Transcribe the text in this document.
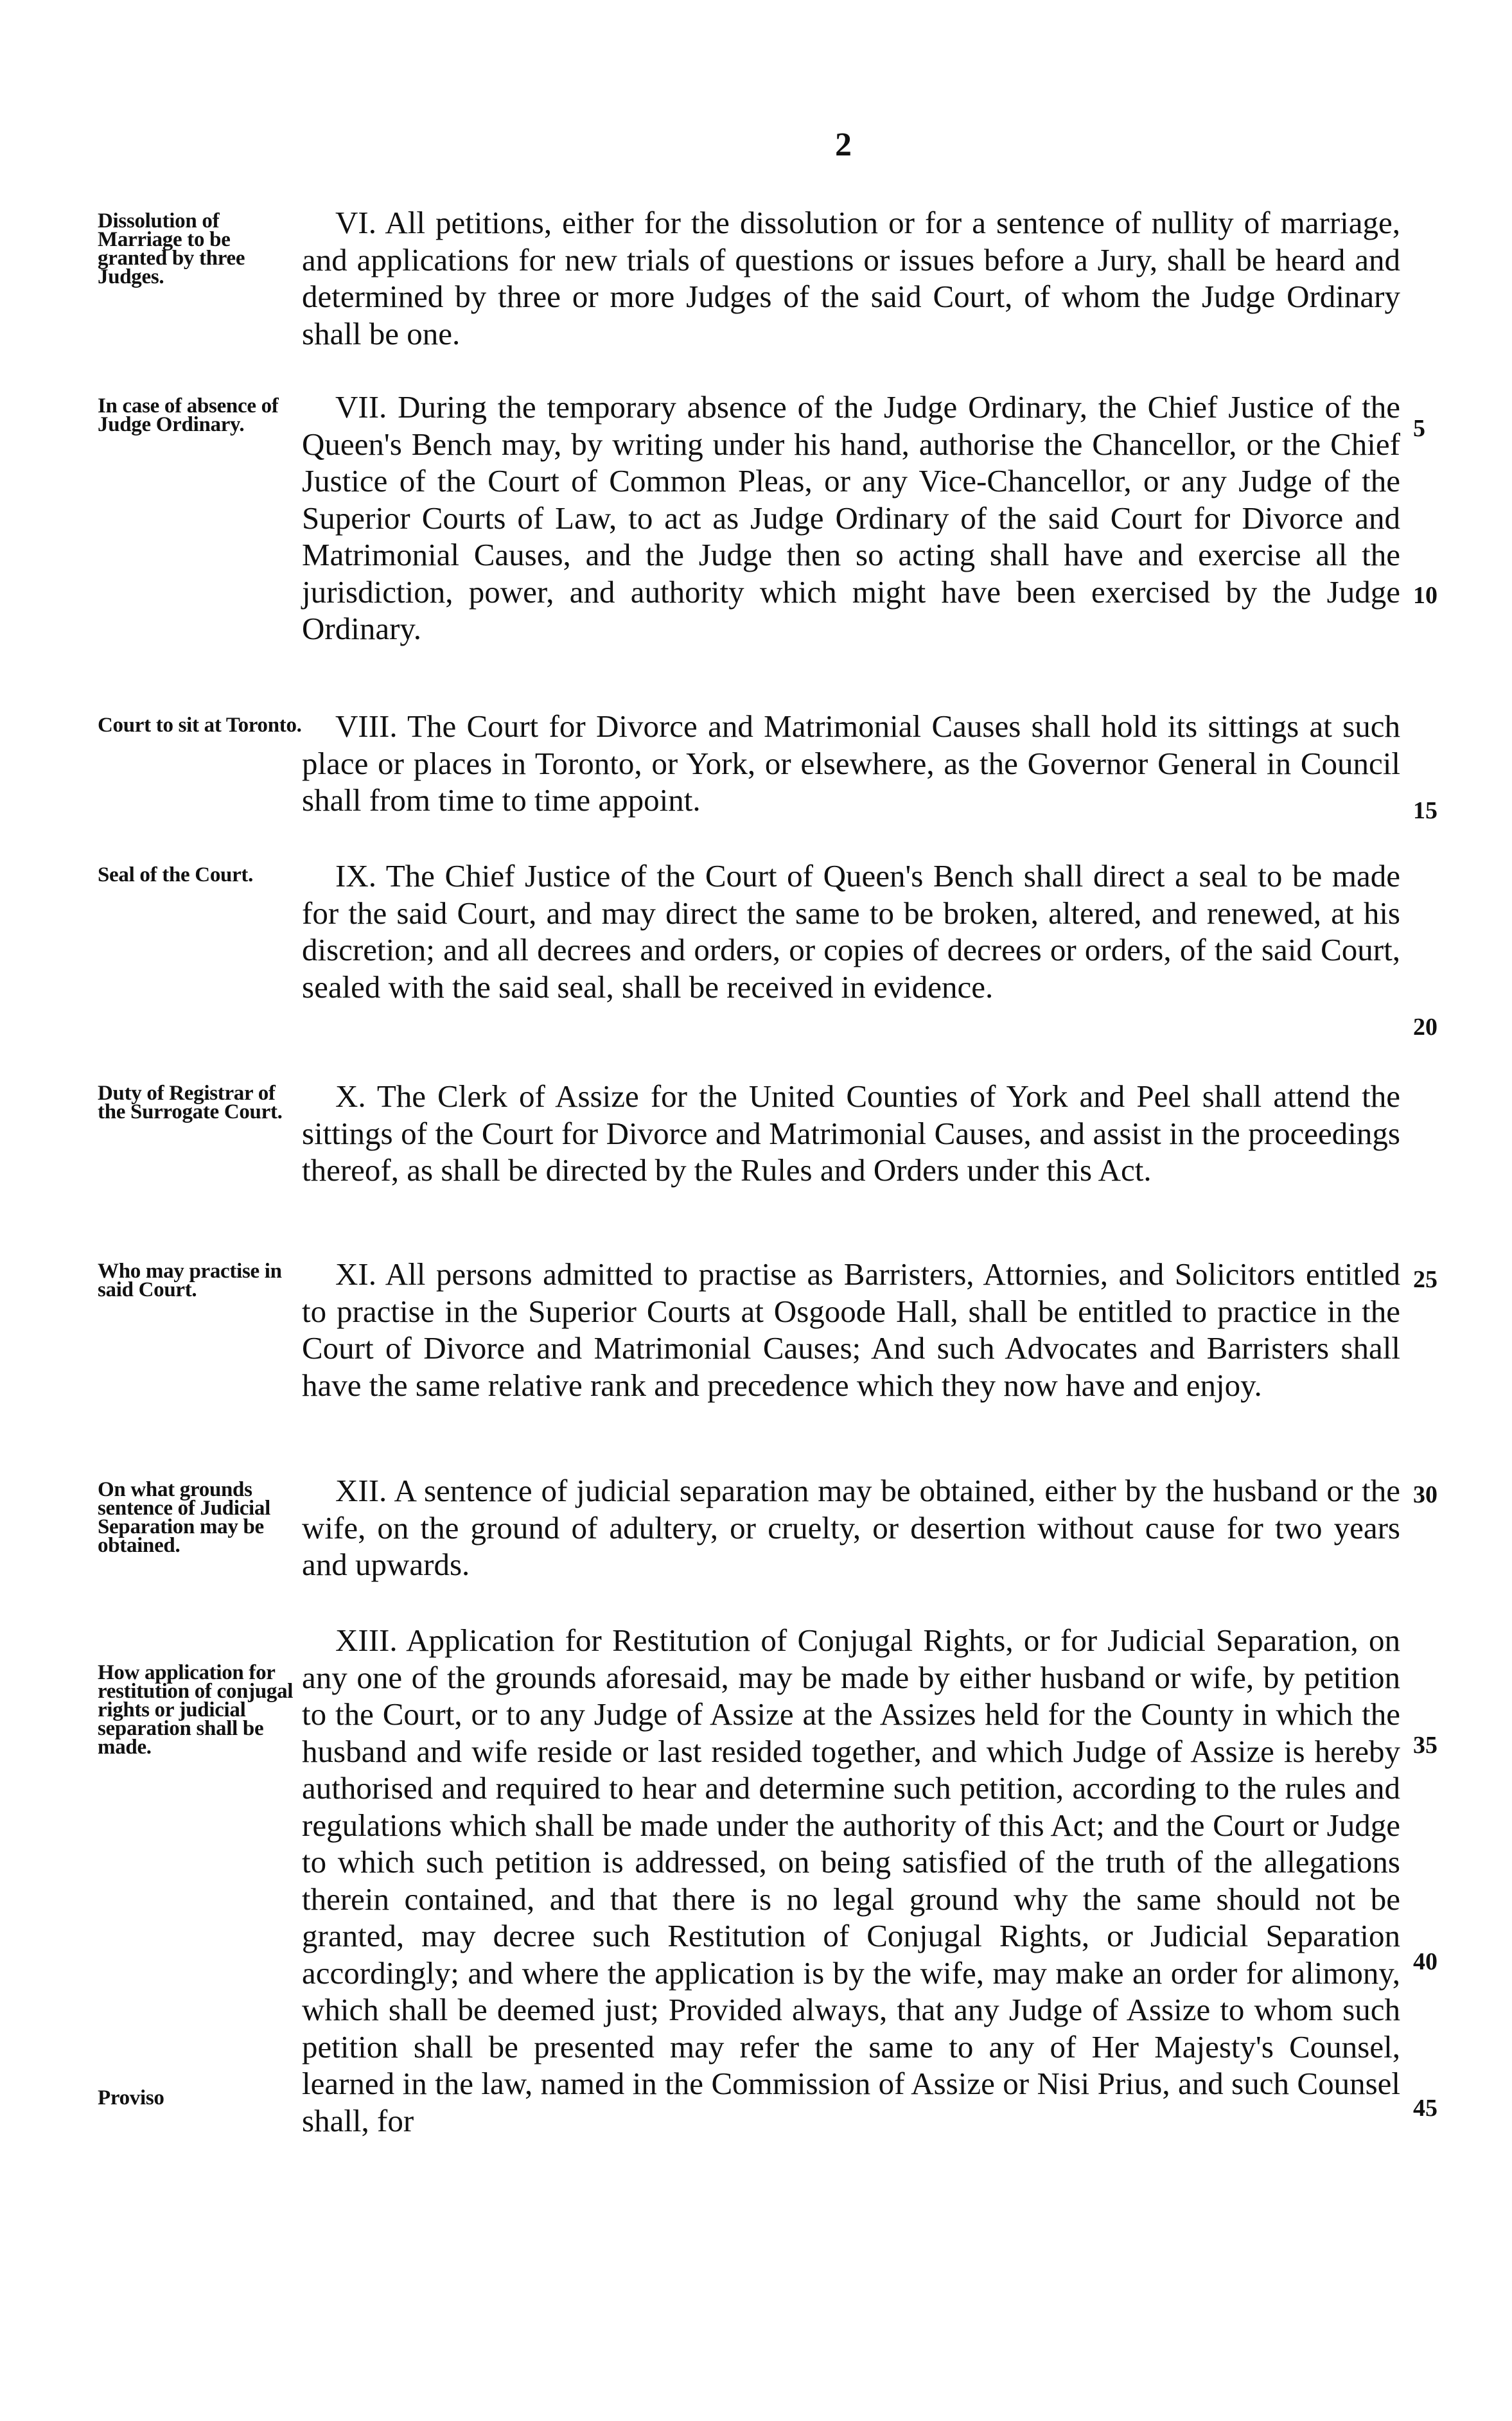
2
Dissolution of Marriage to be granted by three Judges.
VI. All petitions, either for the dissolution or for a sentence of nullity of marriage, and applications for new trials of questions or issues before a Jury, shall be heard and determined by three or more Judges of the said Court, of whom the Judge Ordinary shall be one.
In case of absence of Judge Ordinary.	VII. During the temporary absence of the Judge Ordinary, the Chief Justice of the Queen's Bench may, by writing under his hand, authorise the Chancellor, or the Chief Justice of the Court of Common Pleas, or any Vice-Chancellor, or any Judge of the Superior Courts of Law, to act as Judge Ordinary of the said Court for Divorce and Matrimonial Causes, and the Judge then so acting shall have and exercise all the jurisdiction, power, and authority which might have been exercised by the Judge Ordinary.
Court to sit at Toronto.	VIII. The Court for Divorce and Matrimonial Causes shall hold its sittings at such place or places in Toronto, or York, or elsewhere, as the Governor General in Council shall from time to time appoint.
Seal of the Court.	IX. The Chief Justice of the Court of Queen's Bench shall direct a seal to be made for the said Court, and may direct the same to be broken, altered, and renewed, at his discretion; and all decrees and orders, or copies of decrees or orders, of the said Court, sealed with the said seal, shall be received in evidence.
Duty of Registrar of the Surrogate Court.	X. The Clerk of Assize for the United Counties of York and Peel shall attend the sittings of the Court for Divorce and Matrimonial Causes, and assist in the proceedings thereof, as shall be directed by the Rules and Orders under this Act.
Who may practise in said Court.	XI. All persons admitted to practise as Barristers, Attornies, and Solicitors entitled to practise in the Superior Courts at Osgoode Hall, shall be entitled to practice in the Court of Divorce and Matrimonial Causes; And such Advocates and Barristers shall have the same relative rank and precedence which they now have and enjoy.
On what grounds sentence of Judicial Separation may be obtained.
XII. A sentence of judicial separation may be obtained, either by the husband or the wife, on the ground of adultery, or cruelty, or desertion without cause for two years and upwards.
How application for restitution of conjugal rights or judicial separation shall be made.
Proviso
XIII. Application for Restitution of Conjugal Rights, or for Judicial Separation, on any one of the grounds aforesaid, may be made by either husband or wife, by petition to the Court, or to any Judge of Assize at the Assizes held for the County in which the husband and wife reside or last resided together, and which Judge of Assize is hereby authorised and required to hear and determine such petition, according to the rules and regulations which shall be made under the authority of this Act; and the Court or Judge to which such petition is addressed, on being satisfied of the truth of the allegations therein contained, and that there is no legal ground why the same should not be granted, may decree such Restitution of Conjugal Rights, or Judicial Separation accordingly; and where the application is by the wife, may make an order for alimony, which shall be deemed just; Provided always, that any Judge of Assize to whom such petition shall be presented may refer the same to any of Her Majesty's Counsel, learned in the law, named in the Commission of Assize or Nisi Prius, and such Counsel shall, for
5
10
15
20
25
30
35
40
45
